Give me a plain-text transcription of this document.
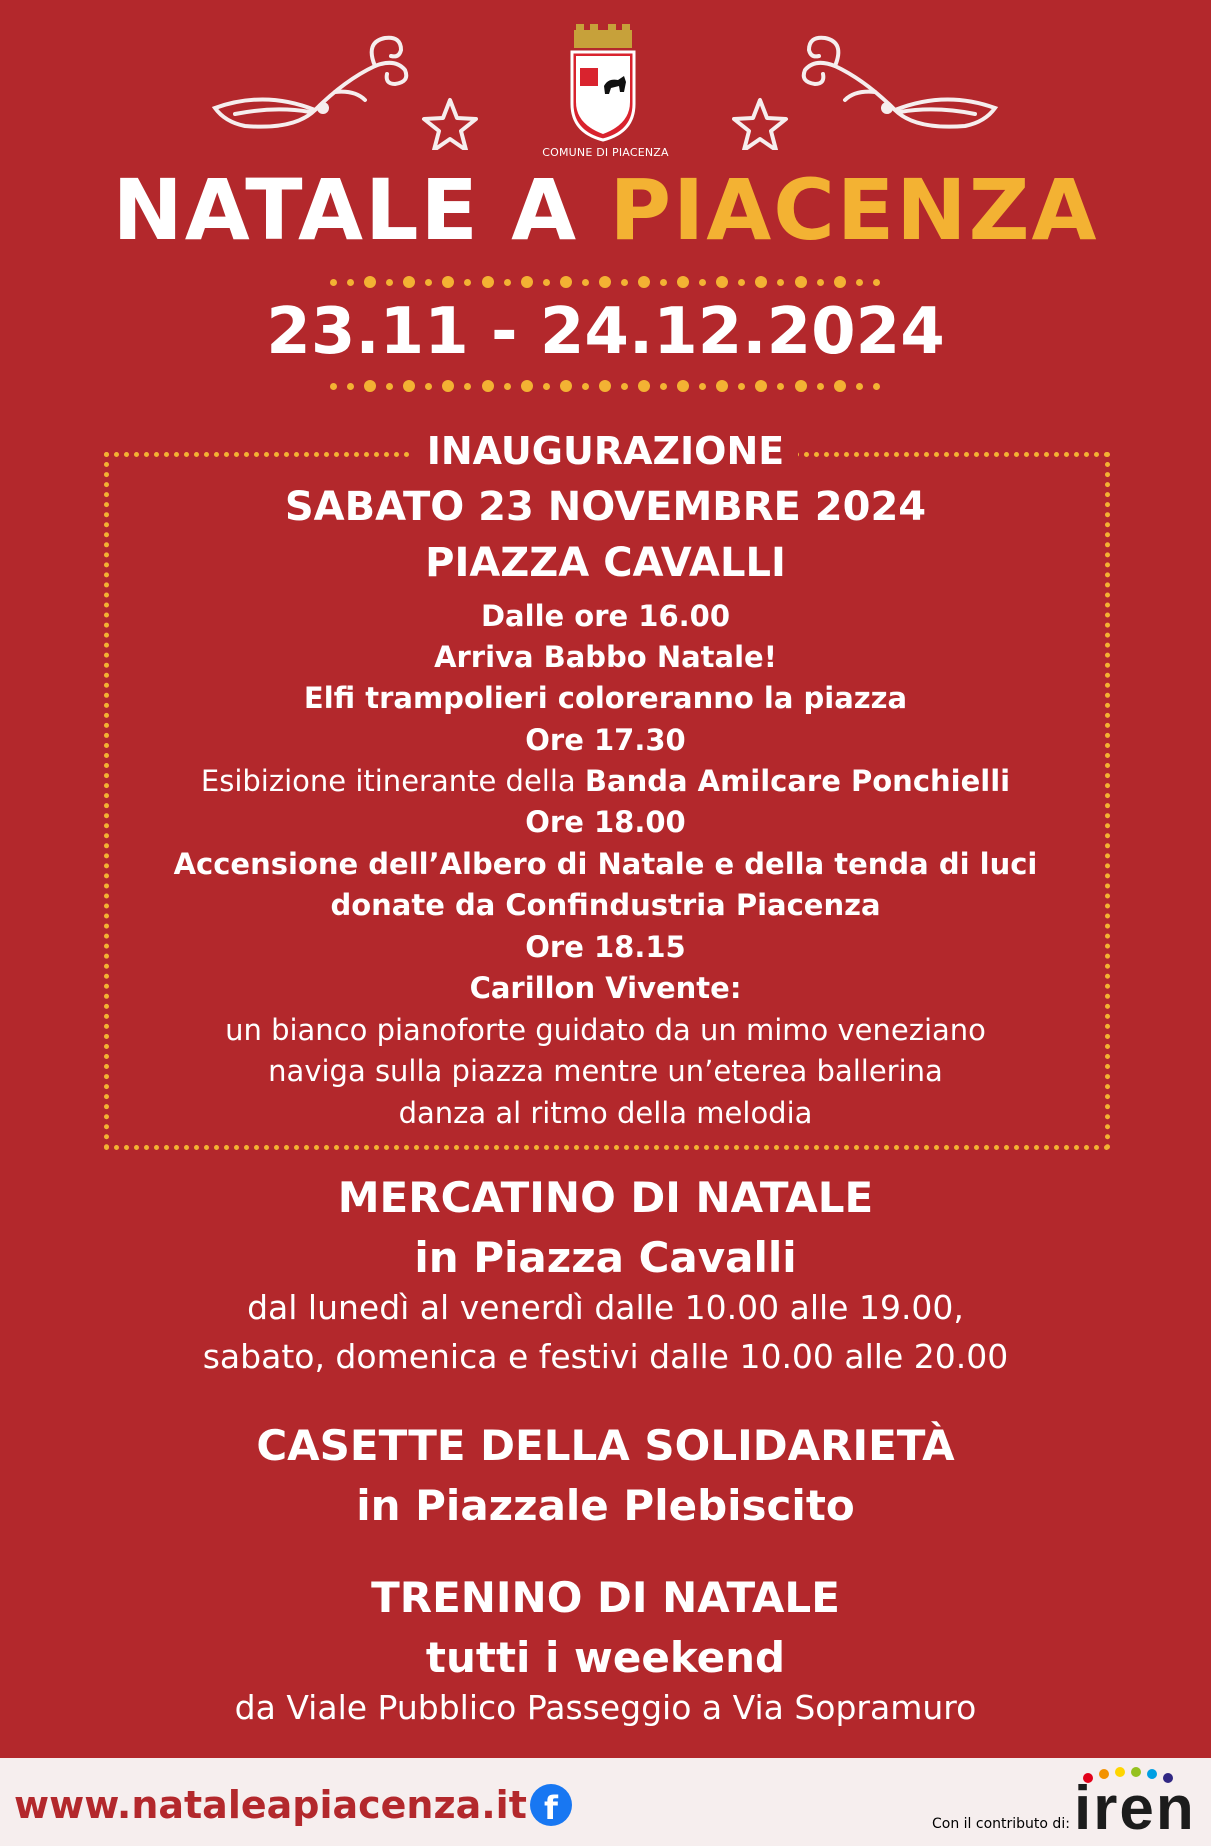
COMUNE DI PIACENZA
NATALE A PIACENZA
23.11 - 24.12.2024
INAUGURAZIONE
SABATO 23 NOVEMBRE 2024
PIAZZA CAVALLI
Dalle ore 16.00
Arriva Babbo Natale!
Elfi trampolieri coloreranno la piazza
Ore 17.30
Esibizione itinerante della Banda Amilcare Ponchielli
Ore 18.00
Accensione dell’Albero di Natale e della tenda di luci
donate da Confindustria Piacenza
Ore 18.15
Carillon Vivente:
un bianco pianoforte guidato da un mimo veneziano
naviga sulla piazza mentre un’eterea ballerina
danza al ritmo della melodia
MERCATINO DI NATALE
in Piazza Cavalli
dal lunedì al venerdì dalle 10.00 alle 19.00,
sabato, domenica e festivi dalle 10.00 alle 20.00
CASETTE DELLA SOLIDARIETÀ
in Piazzale Plebiscito
TRENINO DI NATALE
tutti i weekend
da Viale Pubblico Passeggio a Via Sopramuro
www.nataleapiacenza.it f	Con il contributo di: iren
